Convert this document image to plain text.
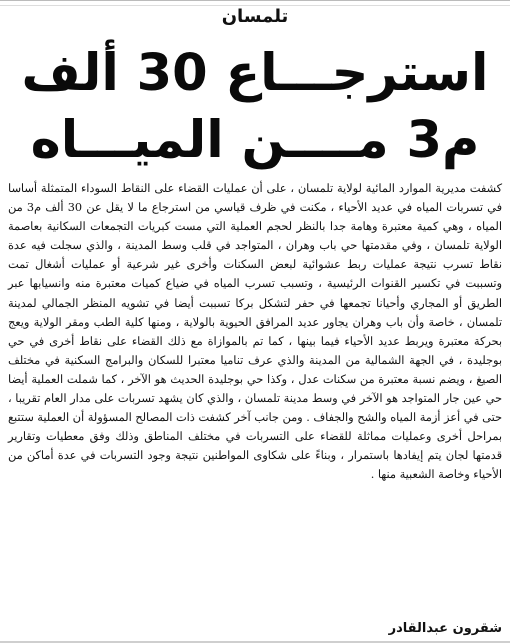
تلمسان
استرجـــاع 30 ألف
م3 مــــن الميـــاه

كشفت مديرية الموارد المائية لولاية تلمسان ، على أن عمليات القضاء على النقاط السوداء المتمثلة أساسا في تسربات المياه في عديد الأحياء ، مكنت في ظرف قياسي من استرجاع ما لا يقل عن 30 ألف م3 من المياه ، وهي كمية معتبرة وهامة جدا بالنظر لحجم العملية التي مست كبريات التجمعات السكانية بعاصمة الولاية تلمسان ، وفي مقدمتها حي باب وهران ، المتواجد في قلب وسط المدينة ، والذي سجلت فيه عدة نقاط تسرب نتيجة عمليات ربط عشوائية لبعض السكنات وأخرى غير شرعية أو عمليات أشغال تمت وتسببت في تكسير القنوات الرئيسية ، وتسبب تسرب المياه في ضياع كميات معتبرة منه وانسيابها عبر الطريق أو المجاري وأحيانا تجمعها في حفر لتشكل بركا تسببت أيضا في تشويه المنظر الجمالي لمدينة تلمسان ، خاصة وأن باب وهران يجاور عديد المرافق الحيوية بالولاية ، ومنها كلية الطب ومقر الولاية ويعج بحركة معتبرة ويربط عديد الأحياء فيما بينها ، كما تم بالموازاة مع ذلك القضاء على نقاط أخرى في حي بوجليدة ، في الجهة الشمالية من المدينة والذي عرف تناميا معتبرا للسكان والبرامج السكنية في مختلف الصيغ ، ويضم نسبة معتبرة من سكنات عدل ، وكذا حي بوجليدة الحديث هو الآخر ، كما شملت العملية أيضا حي عين جار المتواجد هو الآخر في وسط مدينة تلمسان ، والذي كان يشهد تسربات على مدار العام تقريبا ، حتى في أعز أزمة المياه والشح والجفاف . ومن جانب آخر كشفت ذات المصالح المسؤولة أن العملية ستتبع بمراحل أخرى وعمليات مماثلة للقضاء على التسربات في مختلف المناطق وذلك وفق معطيات وتقارير قدمتها لجان يتم إيفادها باستمرار ، وبناءً على شكاوى المواطنين نتيجة وجود التسربات في عدة أماكن من الأحياء وخاصة الشعبية منها .

شقرون عبدالقادر
